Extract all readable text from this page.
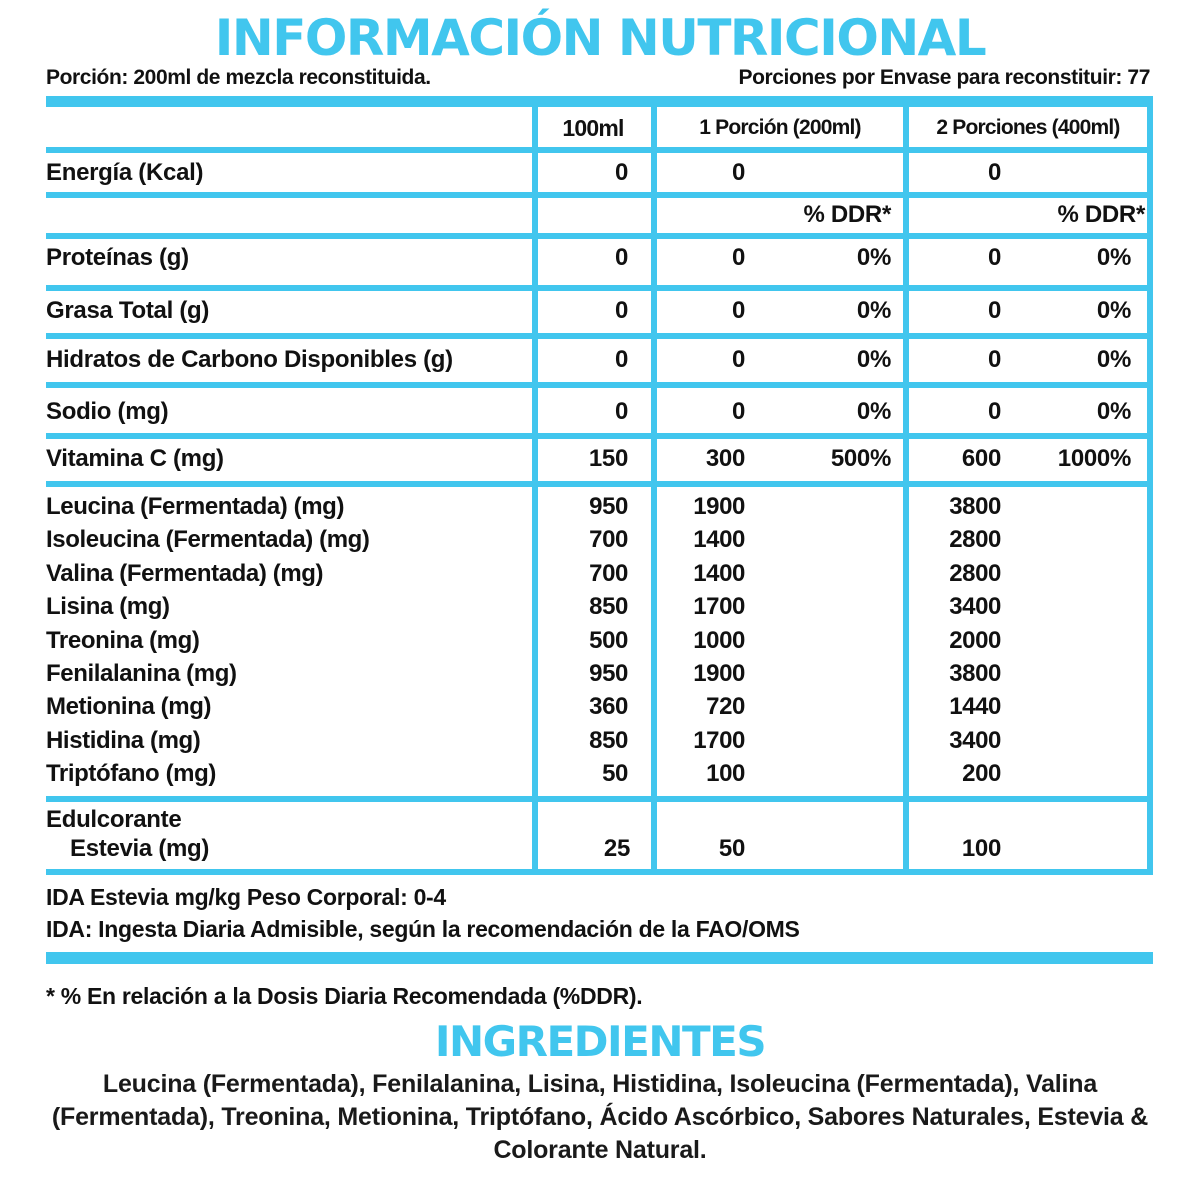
INFORMACIÓN NUTRICIONAL
Porción: 200ml de mezcla reconstituida.	Porciones por Envase para reconstituir: 77
100ml	1 Porción (200ml)	2 Porciones (400ml)
Energía (Kcal)	0	0	0
% DDR*	% DDR*
Proteínas (g)	0	0	0%	0	0%
Grasa Total (g)	0	0	0%	0	0%
Hidratos de Carbono Disponibles (g)	0	0	0%	0	0%
Sodio (mg)	0	0	0%	0	0%
Vitamina C (mg)	150	300	500%	600	1000%
Leucina (Fermentada) (mg)	950	1900	3800
Isoleucina (Fermentada) (mg)	700	1400	2800
Valina (Fermentada) (mg)	700	1400	2800
Lisina (mg)	850	1700	3400
Treonina (mg)	500	1000	2000
Fenilalanina (mg)	950	1900	3800
Metionina (mg)	360	720	1440
Histidina (mg)	850	1700	3400
Triptófano (mg)	50	100	200
Edulcorante
Estevia (mg)	25	50	100
IDA Estevia mg/kg Peso Corporal: 0-4
IDA: Ingesta Diaria Admisible, según la recomendación de la FAO/OMS
* % En relación a la Dosis Diaria Recomendada (%DDR).
INGREDIENTES
Leucina (Fermentada), Fenilalanina, Lisina, Histidina, Isoleucina (Fermentada), Valina (Fermentada), Treonina, Metionina, Triptófano, Ácido Ascórbico, Sabores Naturales, Estevia & Colorante Natural.
